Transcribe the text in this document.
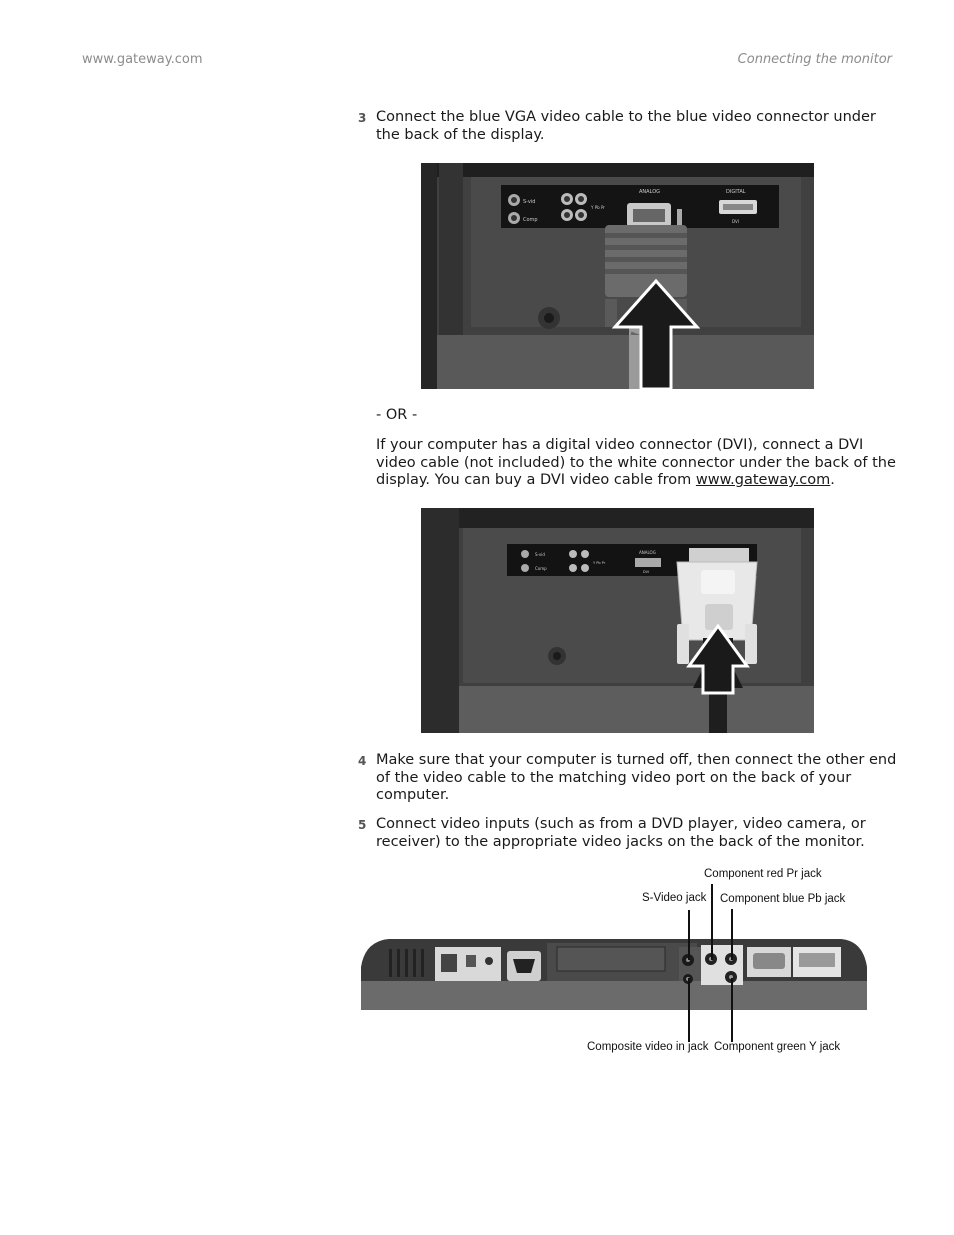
www.gateway.com	Connecting the monitor
3 Connect the blue VGA video cable to the blue video connector under the back of the display.
S-vid
Comp
Y Pb Pr
ANALOG	DIGITAL
DVI
- OR -
If your computer has a digital video connector (DVI), connect a DVI video cable (not included) to the white connector under the back of the display. You can buy a DVI video cable from www.gateway.com.
S-vid
Comp
Y Pb Pr
ANALOG
DVI
4 Make sure that your computer is turned off, then connect the other end of the video cable to the matching video port on the back of your computer.
5 Connect video inputs (such as from a DVD player, video camera, or receiver) to the appropriate video jacks on the back of the monitor.
Component red Pr jack
S-Video jack Component blue Pb jack
Composite video in jack Component green Y jack
